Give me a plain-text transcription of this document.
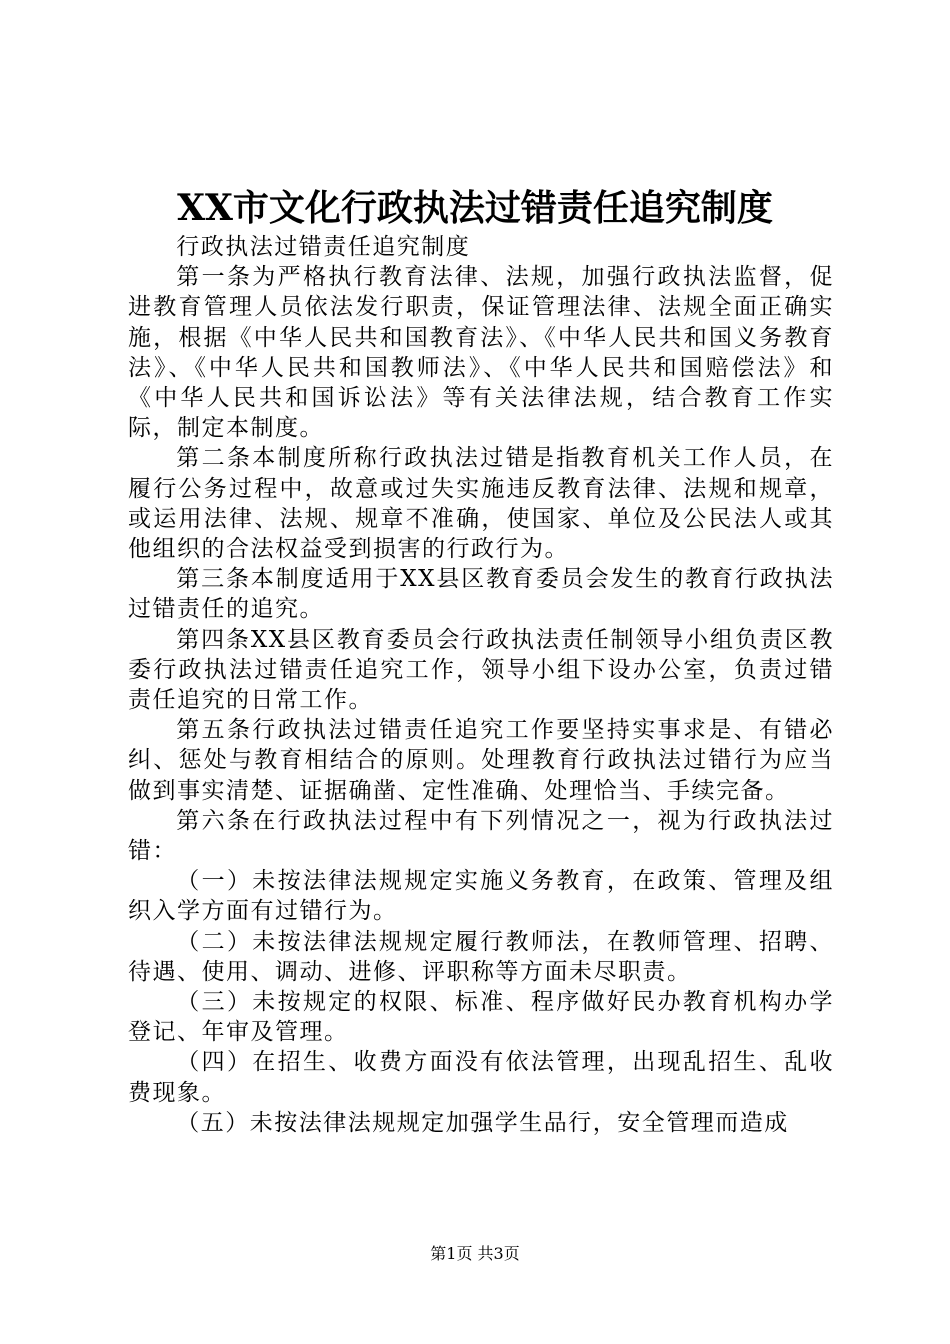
XX市文化行政执法过错责任追究制度

行政执法过错责任追究制度

第一条为严格执行教育法律、法规，加强行政执法监督，促进教育管理人员依法发行职责，保证管理法律、法规全面正确实施，根据《中华人民共和国教育法》、《中华人民共和国义务教育法》、《中华人民共和国教师法》、《中华人民共和国赔偿法》和《中华人民共和国诉讼法》等有关法律法规，结合教育工作实际，制定本制度。

第二条本制度所称行政执法过错是指教育机关工作人员，在履行公务过程中，故意或过失实施违反教育法律、法规和规章，或运用法律、法规、规章不准确，使国家、单位及公民法人或其他组织的合法权益受到损害的行政行为。

第三条本制度适用于XX县区教育委员会发生的教育行政执法过错责任的追究。

第四条XX县区教育委员会行政执法责任制领导小组负责区教委行政执法过错责任追究工作，领导小组下设办公室，负责过错责任追究的日常工作。

第五条行政执法过错责任追究工作要坚持实事求是、有错必纠、惩处与教育相结合的原则。处理教育行政执法过错行为应当做到事实清楚、证据确凿、定性准确、处理恰当、手续完备。

第六条在行政执法过程中有下列情况之一，视为行政执法过错：

（一）未按法律法规规定实施义务教育，在政策、管理及组织入学方面有过错行为。

（二）未按法律法规规定履行教师法，在教师管理、招聘、待遇、使用、调动、进修、评职称等方面未尽职责。

（三）未按规定的权限、标准、程序做好民办教育机构办学登记、年审及管理。

（四）在招生、收费方面没有依法管理，出现乱招生、乱收费现象。

（五）未按法律法规规定加强学生品行，安全管理而造成

第1页 共3页
